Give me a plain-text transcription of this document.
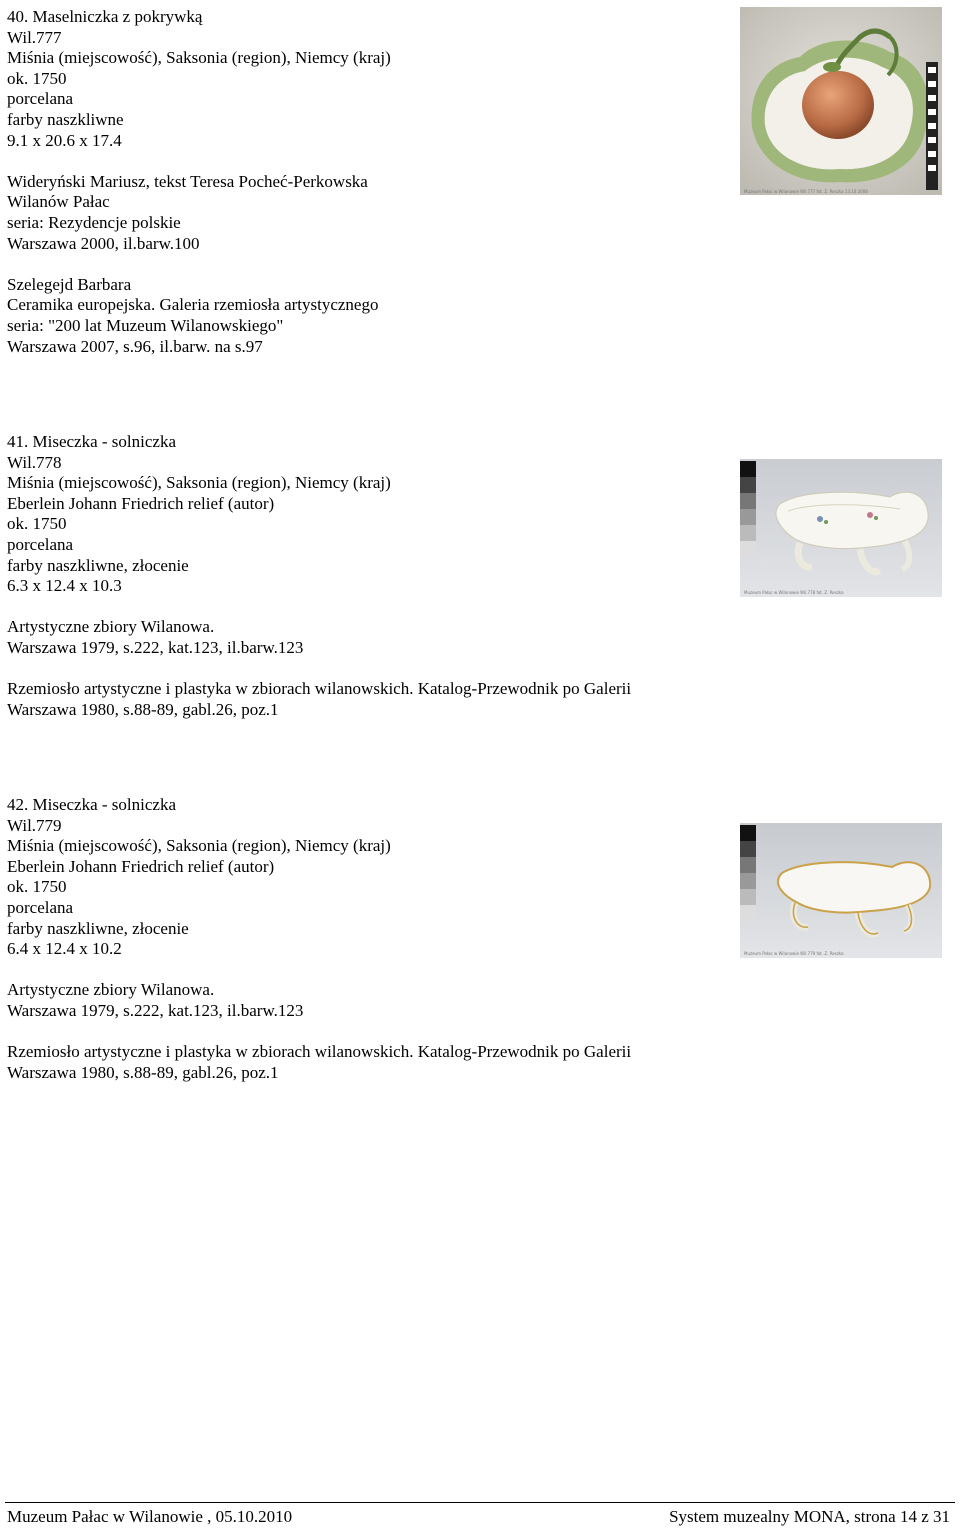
40. Maselniczka z pokrywką
Wil.777
Miśnia (miejscowość), Saksonia (region), Niemcy (kraj)
ok. 1750
porcelana
farby naszkliwne
9.1 x 20.6 x 17.4
Wideryński Mariusz, tekst Teresa Pocheć-Perkowska
Wilanów Pałac
seria: Rezydencje polskie
Warszawa 2000, il.barw.100
Szelegejd Barbara
Ceramika europejska. Galeria rzemiosła artystycznego
seria: "200 lat Muzeum Wilanowskiego"
Warszawa 2007, s.96, il.barw. na s.97
Muzeum Pałac w Wilanowie Wil.777 fot. Z. Reszka 13.10.2008
41. Miseczka - solniczka
Wil.778
Miśnia (miejscowość), Saksonia (region), Niemcy (kraj)
Eberlein Johann Friedrich relief (autor)
ok. 1750
porcelana
farby naszkliwne, złocenie
6.3 x 12.4 x 10.3
Artystyczne zbiory Wilanowa.
Warszawa 1979, s.222, kat.123, il.barw.123
Rzemiosło artystyczne i plastyka w zbiorach wilanowskich. Katalog-Przewodnik po Galerii
Warszawa 1980, s.88-89, gabl.26, poz.1
Muzeum Pałac w Wilanowie Wil.778 fot. Z. Reszka
42. Miseczka - solniczka
Wil.779
Miśnia (miejscowość), Saksonia (region), Niemcy (kraj)
Eberlein Johann Friedrich relief (autor)
ok. 1750
porcelana
farby naszkliwne, złocenie
6.4 x 12.4 x 10.2
Artystyczne zbiory Wilanowa.
Warszawa 1979, s.222, kat.123, il.barw.123
Rzemiosło artystyczne i plastyka w zbiorach wilanowskich. Katalog-Przewodnik po Galerii
Warszawa 1980, s.88-89, gabl.26, poz.1
Muzeum Pałac w Wilanowie Wil.779 fot. Z. Reszka
Muzeum Pałac w Wilanowie , 05.10.2010	System muzealny MONA, strona 14 z 31
